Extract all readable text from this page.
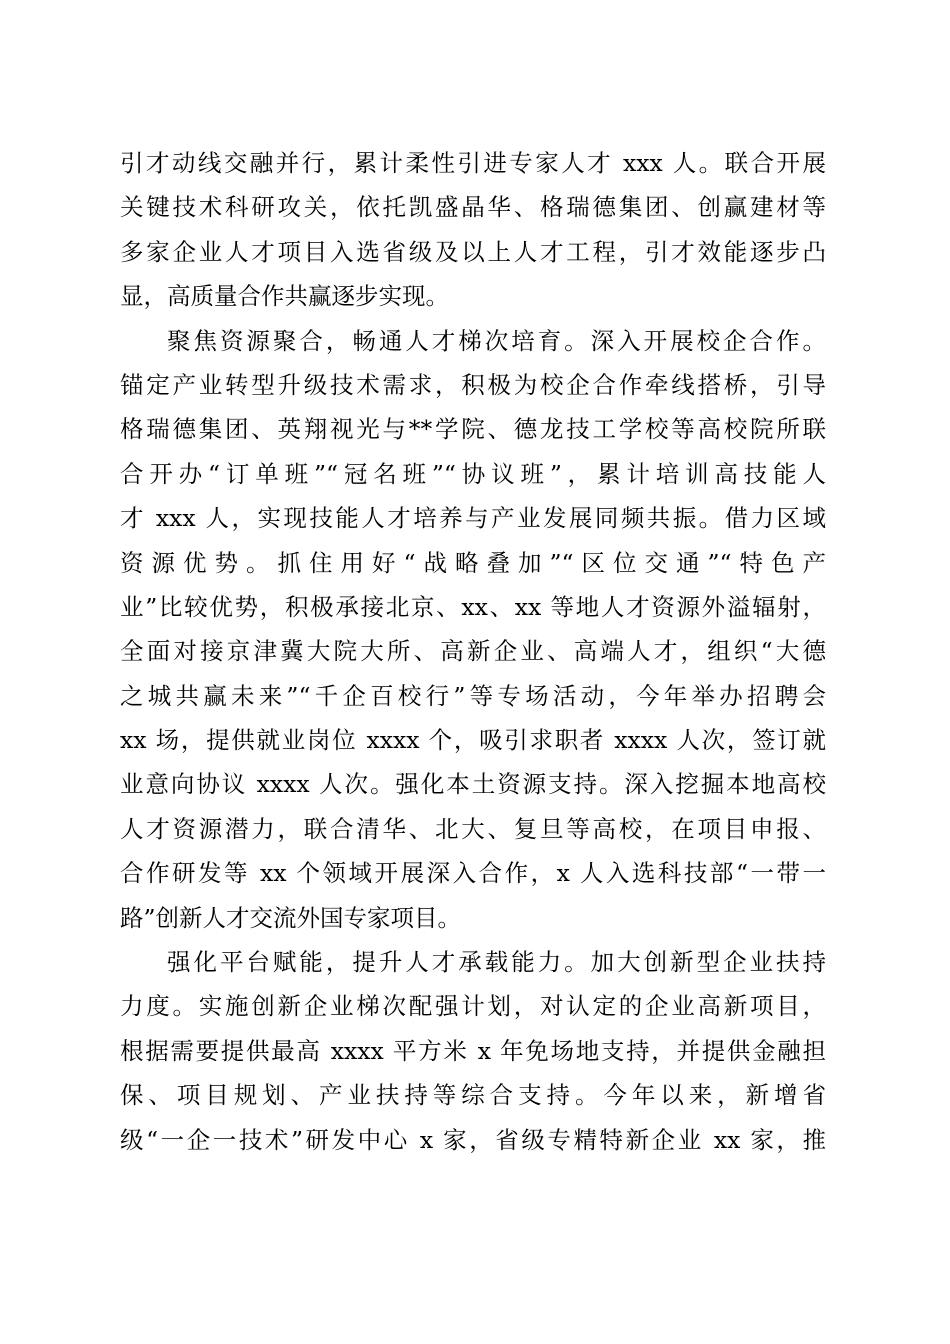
引才动线交融并行，累计柔性引进专家人才 xxx 人。联合开展
关键技术科研攻关，依托凯盛晶华、格瑞德集团、创赢建材等
多家企业人才项目入选省级及以上人才工程，引才效能逐步凸
显，高质量合作共赢逐步实现。
聚焦资源聚合，畅通人才梯次培育。深入开展校企合作。
锚定产业转型升级技术需求，积极为校企合作牵线搭桥，引导
格瑞德集团、英翔视光与**学院、德龙技工学校等高校院所联
合开办“订单班”“冠名班”“协议班”，累计培训高技能人
才 xxx 人，实现技能人才培养与产业发展同频共振。借力区域
资源优势。抓住用好“战略叠加”“区位交通”“特色产
业”比较优势，积极承接北京、xx、xx 等地人才资源外溢辐射，
全面对接京津冀大院大所、高新企业、高端人才，组织“大德
之城共赢未来”“千企百校行”等专场活动，今年举办招聘会
xx 场，提供就业岗位 xxxx 个，吸引求职者 xxxx 人次，签订就
业意向协议 xxxx 人次。强化本土资源支持。深入挖掘本地高校
人才资源潜力，联合清华、北大、复旦等高校，在项目申报、
合作研发等 xx 个领域开展深入合作，x 人入选科技部“一带一
路”创新人才交流外国专家项目。
强化平台赋能，提升人才承载能力。加大创新型企业扶持
力度。实施创新企业梯次配强计划，对认定的企业高新项目，
根据需要提供最高 xxxx 平方米 x 年免场地支持，并提供金融担
保、项目规划、产业扶持等综合支持。今年以来，新增省
级“一企一技术”研发中心 x 家，省级专精特新企业 xx 家，推
